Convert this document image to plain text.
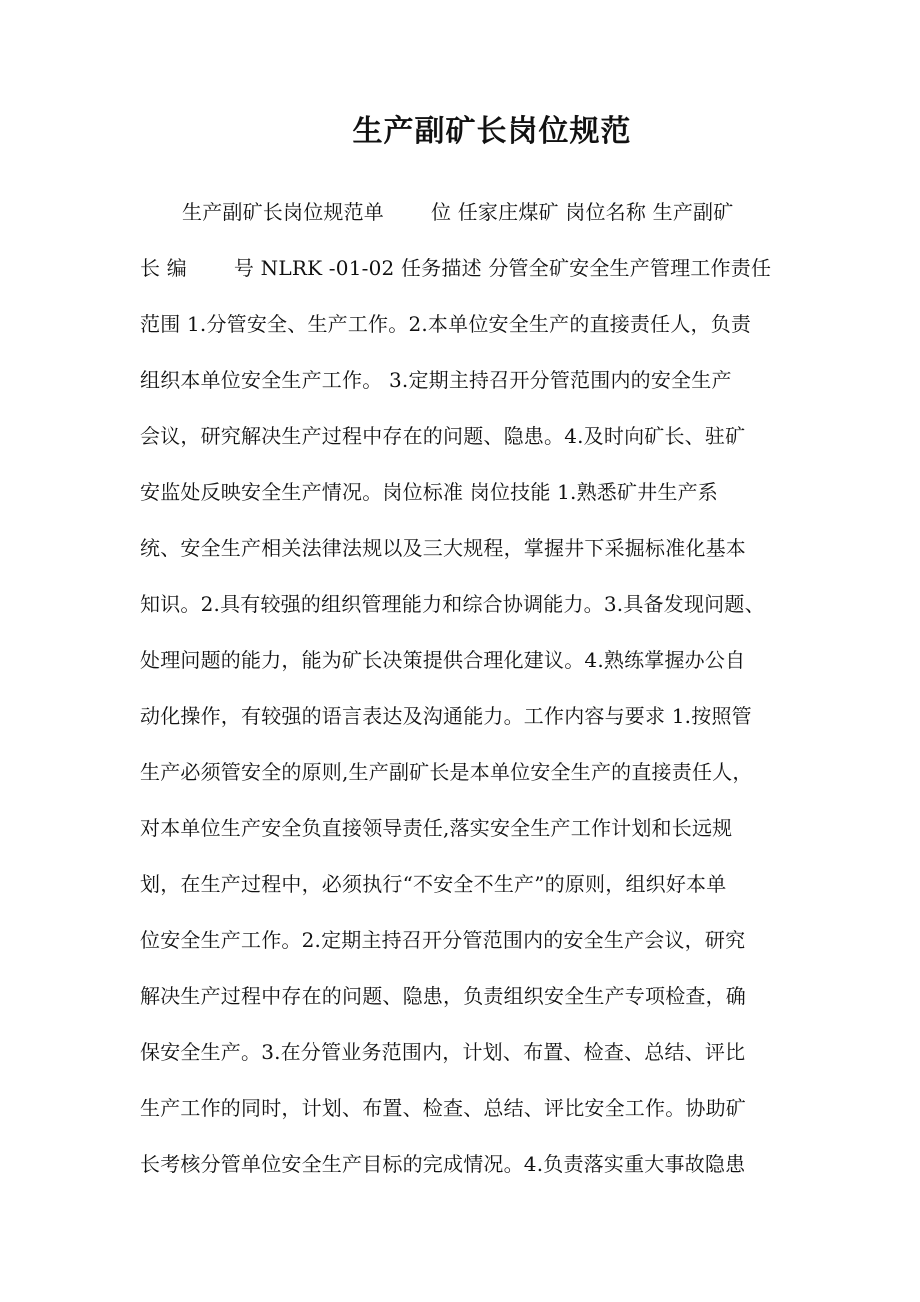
生产副矿长岗位规范
生产副矿长岗位规范单 　　位 任家庄煤矿 岗位名称 生产副矿
长 编 　　号 NLRK -01-02 任务描述 分管全矿安全生产管理工作责任
范围 1.分管安全、生产工作。2.本单位安全生产的直接责任人，负责
组织本单位安全生产工作。 3.定期主持召开分管范围内的安全生产
会议，研究解决生产过程中存在的问题、隐患。4.及时向矿长、驻矿
安监处反映安全生产情况。岗位标准 岗位技能 1.熟悉矿井生产系
统、安全生产相关法律法规以及三大规程，掌握井下采掘标准化基本
知识。2.具有较强的组织管理能力和综合协调能力。3.具备发现问题、
处理问题的能力，能为矿长决策提供合理化建议。4.熟练掌握办公自
动化操作，有较强的语言表达及沟通能力。工作内容与要求 1.按照管
生产必须管安全的原则,生产副矿长是本单位安全生产的直接责任人，
对本单位生产安全负直接领导责任,落实安全生产工作计划和长远规
划，在生产过程中，必须执行“不安全不生产”的原则，组织好本单
位安全生产工作。2.定期主持召开分管范围内的安全生产会议，研究
解决生产过程中存在的问题、隐患，负责组织安全生产专项检查，确
保安全生产。3.在分管业务范围内，计划、布置、检查、总结、评比
生产工作的同时，计划、布置、检查、总结、评比安全工作。协助矿
长考核分管单位安全生产目标的完成情况。4.负责落实重大事故隐患
